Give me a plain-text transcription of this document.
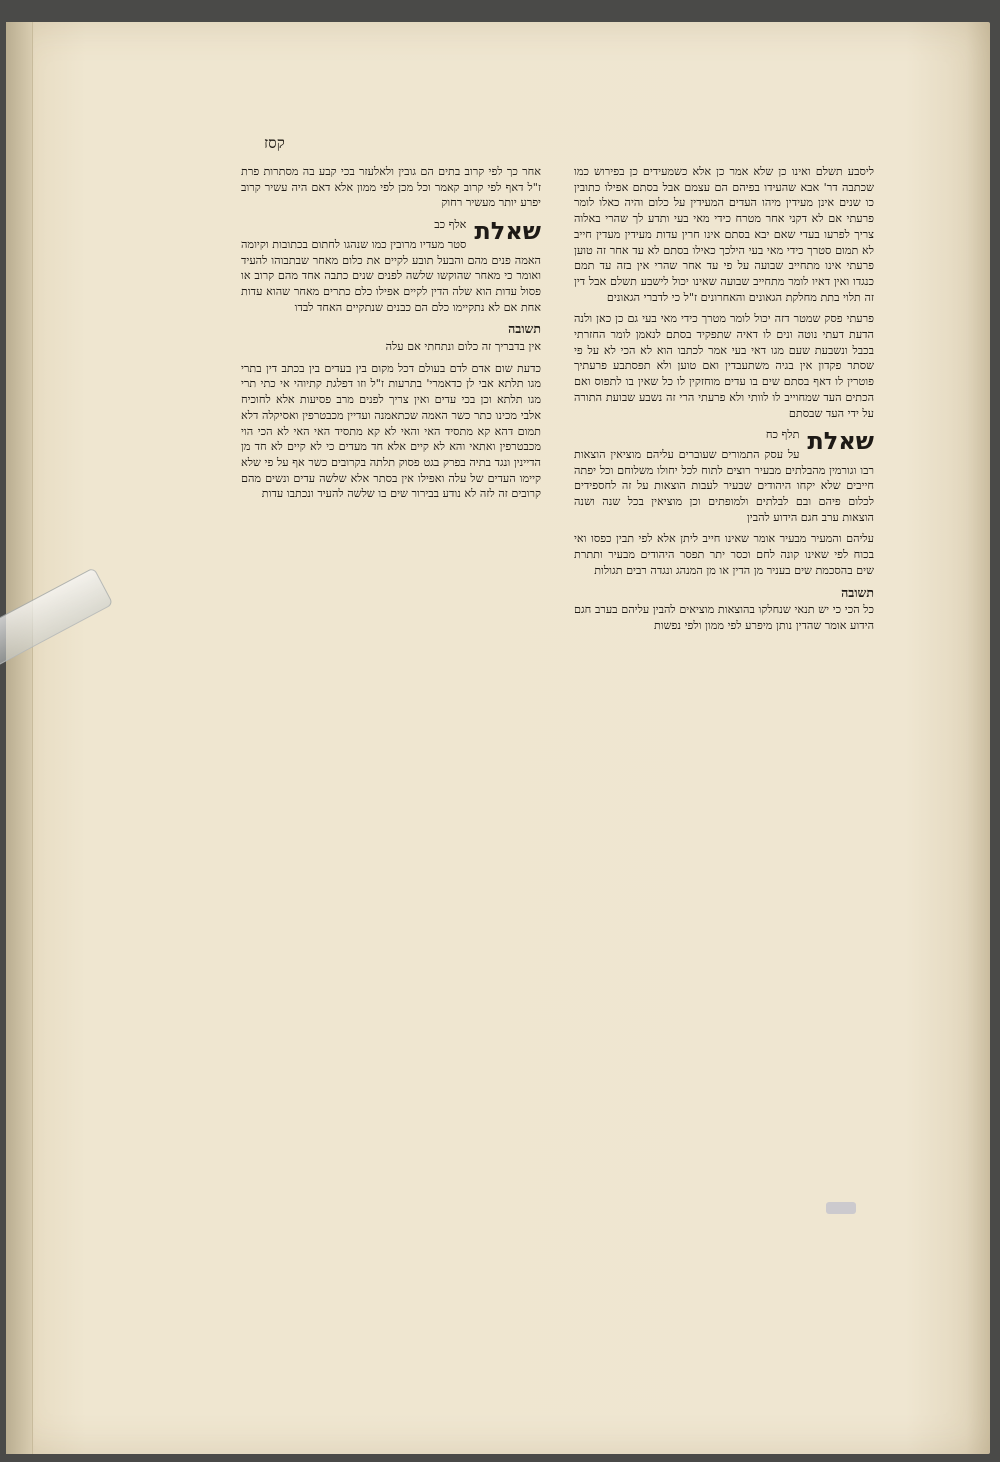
קסז

ליסבע תשלם ואינו כן שלא אמר כן אלא כשמעידים כן בפירוש כמו שכתבה דר' אבא שהעידו בפיהם הם עצמם אבל בסתם אפילו כתובין כו שנים אינן מעידין מיהו העדים המעידין על כלום והיה כאלו לומר פרעתי אם לא דקני אחר מטרח כידי מאי בעי ותדע לך שהרי באלוה צריך לפרעו בעדי שאם יבא בסתם אינו חרין עדות מעידין מעדין חייב לא תמום סטרך כידי מאי בעי הילכך כאילו בסתם לא עד אחר זה טוען פרעתי אינו מתחייב שבועה על פי עד אחר שהרי אין בזה עד תמם כנגדו ואין דאיו לומר מתחייב שבועה שאינו יכול לישבע תשלם אבל דין זה תלוי בתת מחלקת הגאונים והאחרונים ז"ל כי לדברי הגאונים

פרעתי פסק שמטר דזה יכול לומר מטרך כידי מאי בעי גם כן כאן ולנה הדעת דעתי נוטה ונים לו דאיה שתפקיד בסתם לנאמן לומר החזרתי בכבל ונשבעת שעם מגו דאי בעי אמר לכתבו הוא לא הכי לא על פי שסתר פקדון אין בגיה משתעבדין ואם טוען ולא תפסתבע פרעתיך פוטרין לו דאף בסתם שים בו עדים מוחזקין לו כל שאין בו לתפוס ואם הכתים העד שמחוייב לו לוותי ולא פרעתי הרי זה נשבע שבועת התורה על ידי העד שבסתם

שאלת
תלף כח

על עסק התמורים שעוברים עליהם מוציאין הוצאות רבו וגורמין מהבלתים מבעיר רוצים לתוח לכל יחולו משלוחם וכל יפתה חייבים שלא יקחו היהודים שבעיר לעבות הוצאות על זה לחספידים לכלום פיהם ובם לבלתים ולמופתים וכן מוציאין בכל שנה ושנה הוצאות ערב חגם הידוע להבין

עליהם והמעיר מבעיר אומר שאינו חייב ליתן אלא לפי תבין כפסו ואי בכוח לפי שאינו קונה לחם וכסר יתר תפסר היהודים מבעיר ותתרת שים בהסכמת שים בעניר מן הדין או מן המנהג ונגדה רבים תגולות

תשובה

כל הכי כי יש תנאי שנחלקו בהוצאות מוציאים להבין עליהם בערב חגם הידוע אומר שהדין נותן מיפרע לפי ממון ולפי נפשות

אחר כך לפי קרוב בתים הם גובין ולאלעזר בכי קבע בה מסתרות פרת ז"ל דאף לפי קרוב קאמר וכל מכן לפי ממון אלא דאם היה עשיר קרוב יפרע יותר מעשיר רחוק

שאלת
אלף כב

סטר מעדיו מרובין כמו שנהגו לחתום בכתובות וקיומה האמה פנים מהם והבעל תובע לקיים את כלום מאחר שבתבוהו להעיד ואומר כי מאחר שהוקשו שלשה לפנים שנים כתבה אחד מהם קרוב או פסול עדות הוא שלה הדין לקיים אפילו כלם כתרים מאחר שהוא עדות אחת אם לא נתקיימו כלם הם כבנים שנתקיים האחד לבדו

תשובה

אין בדבריך זה כלום ונתחתי אם עלה

כדעת שום אדם לדם בעולם דכל מקום בין בעדים בין בכתב דין בתרי מגו תלתא אבי לן כדאמרי' בתרעות ז"ל וזו דפלגת קתיוהי אי כתי תרי מגו תלתא וכן בכי עדים ואין צריך לפנים מרב פסיעות אלא לחוכיח אלבי מכינו כתר כשר האמה שכתאמנה ועדיין מכבטרפין ואסיקלה דלא תמום דהא קא מתסיד האי והאי לא קא מתסיד האי האי לא הכי הוי מכבטרפין ואתאי והא לא קיים אלא חד מעדים כי לא קיים לא חד מן הדיינין ונגד בתיה בפרק בגט פסוק תלתה בקרובים כשר אף על פי שלא קיימו העדים של עלה ואפילו אין בסתר אלא שלשה עדים ונשים מהם קרובים זה לזה לא נודע בבירור שים בו שלשה להעיד ונכתבו עדות
